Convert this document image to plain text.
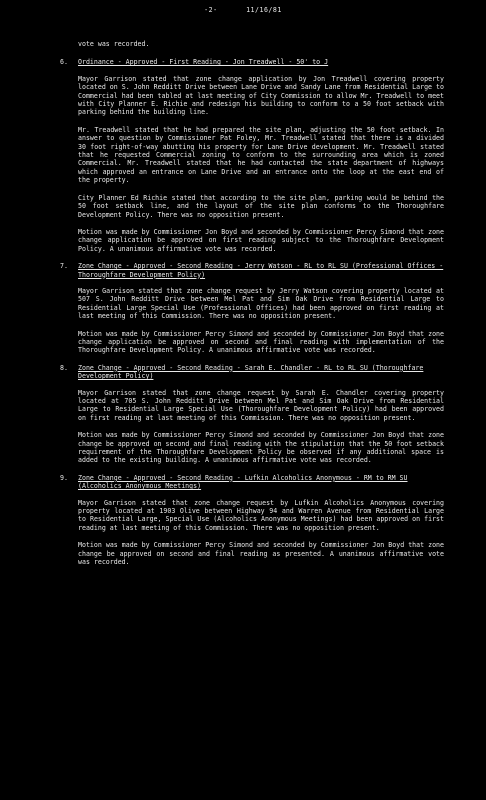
-2-	11/16/81
vote was recorded.
6. Ordinance - Approved - First Reading - Jon Treadwell - 50' to J

Mayor Garrison stated that zone change application by Jon Treadwell covering property located on S. John Redditt Drive between Lane Drive and Sandy Lane from Residential Large to Commercial had been tabled at last meeting of City Commission to allow Mr. Treadwell to meet with City Planner E. Richie and redesign his building to conform to a 50 foot setback with parking behind the building line.

Mr. Treadwell stated that he had prepared the site plan, adjusting the 50 foot setback. In answer to question by Commissioner Pat Foley, Mr. Treadwell stated that there is a divided 30 foot right-of-way abutting his property for Lane Drive development. Mr. Treadwell stated that he requested Commercial zoning to conform to the surrounding area which is zoned Commercial. Mr. Treadwell stated that he had contacted the state department of highways which approved an entrance on Lane Drive and an entrance onto the loop at the east end of the property.

City Planner Ed Richie stated that according to the site plan, parking would be behind the 50 foot setback line, and the layout of the site plan conforms to the Thoroughfare Development Policy. There was no opposition present.

Motion was made by Commissioner Jon Boyd and seconded by Commissioner Percy Simond that zone change application be approved on first reading subject to the Thoroughfare Development Policy. A unanimous affirmative vote was recorded.

7. Zone Change - Approved - Second Reading - Jerry Watson - RL to RL SU (Professional Offices - Thoroughfare Development Policy)

Mayor Garrison stated that zone change request by Jerry Watson covering property located at 507 S. John Redditt Drive between Mel Pat and Sim Oak Drive from Residential Large to Residential Large Special Use (Professional Offices) had been approved on first reading at last meeting of this Commission. There was no opposition present.

Motion was made by Commissioner Percy Simond and seconded by Commissioner Jon Boyd that zone change application be approved on second and final reading with implementation of the Thoroughfare Development Policy. A unanimous affirmative vote was recorded.

8. Zone Change - Approved - Second Reading - Sarah E. Chandler - RL to RL SU (Thoroughfare Development Policy)

Mayor Garrison stated that zone change request by Sarah E. Chandler covering property located at 705 S. John Redditt Drive between Mel Pat and Sim Oak Drive from Residential Large to Residential Large Special Use (Thoroughfare Development Policy) had been approved on first reading at last meeting of this Commission. There was no opposition present.

Motion was made by Commissioner Percy Simond and seconded by Commissioner Jon Boyd that zone change be approved on second and final reading with the stipulation that the 50 foot setback requirement of the Thoroughfare Development Policy be observed if any additional space is added to the existing building. A unanimous affirmative vote was recorded.

9. Zone Change - Approved - Second Reading - Lufkin Alcoholics Anonymous - RM to RM SU (Alcoholics Anonymous Meetings)

Mayor Garrison stated that zone change request by Lufkin Alcoholics Anonymous covering property located at 1903 Olive between Highway 94 and Warren Avenue from Residential Large to Residential Large, Special Use (Alcoholics Anonymous Meetings) had been approved on first reading at last meeting of this Commission. There was no opposition present.

Motion was made by Commissioner Percy Simond and seconded by Commissioner Jon Boyd that zone change be approved on second and final reading as presented. A unanimous affirmative vote was recorded.
